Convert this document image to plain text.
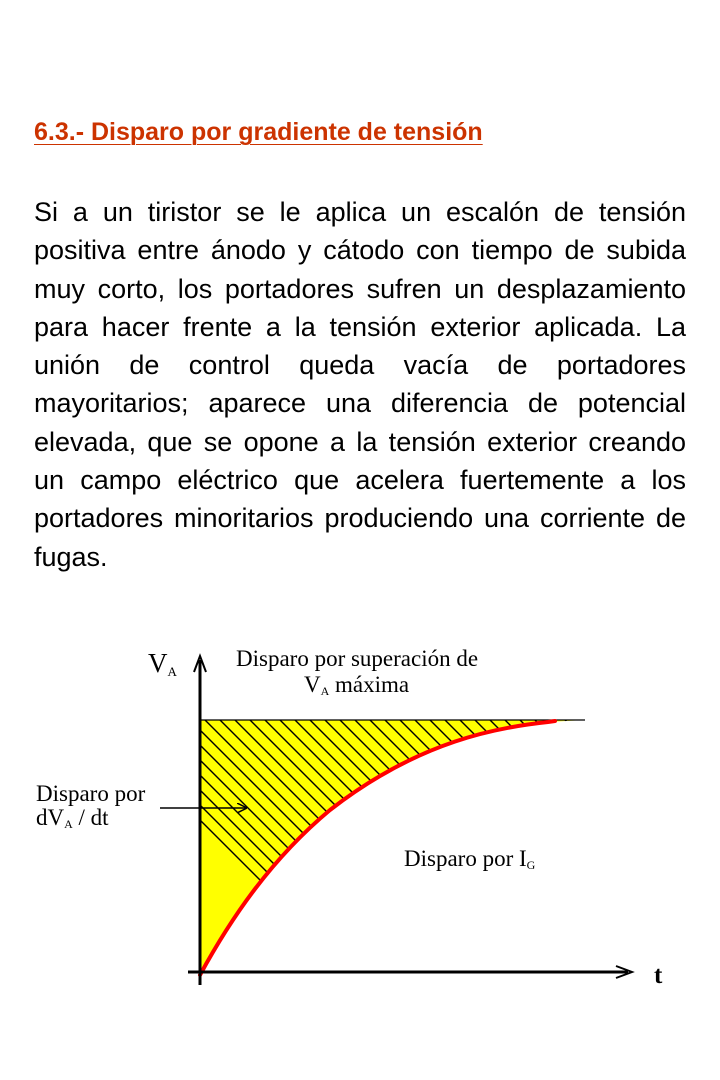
6.3.- Disparo por gradiente de tensión

Si a un tiristor se le aplica un escalón de tensión positiva entre ánodo y cátodo con tiempo de subida muy corto, los portadores sufren un desplazamiento para hacer frente a la tensión exterior aplicada. La unión de control queda vacía de portadores mayoritarios; aparece una diferencia de potencial elevada, que se opone a la tensión exterior creando un campo eléctrico que acelera fuertemente a los portadores minoritarios produciendo una corriente de fugas.

VA
t
Disparo por superación de
VA máxima
Disparo por
dVA / dt
Disparo por IG
